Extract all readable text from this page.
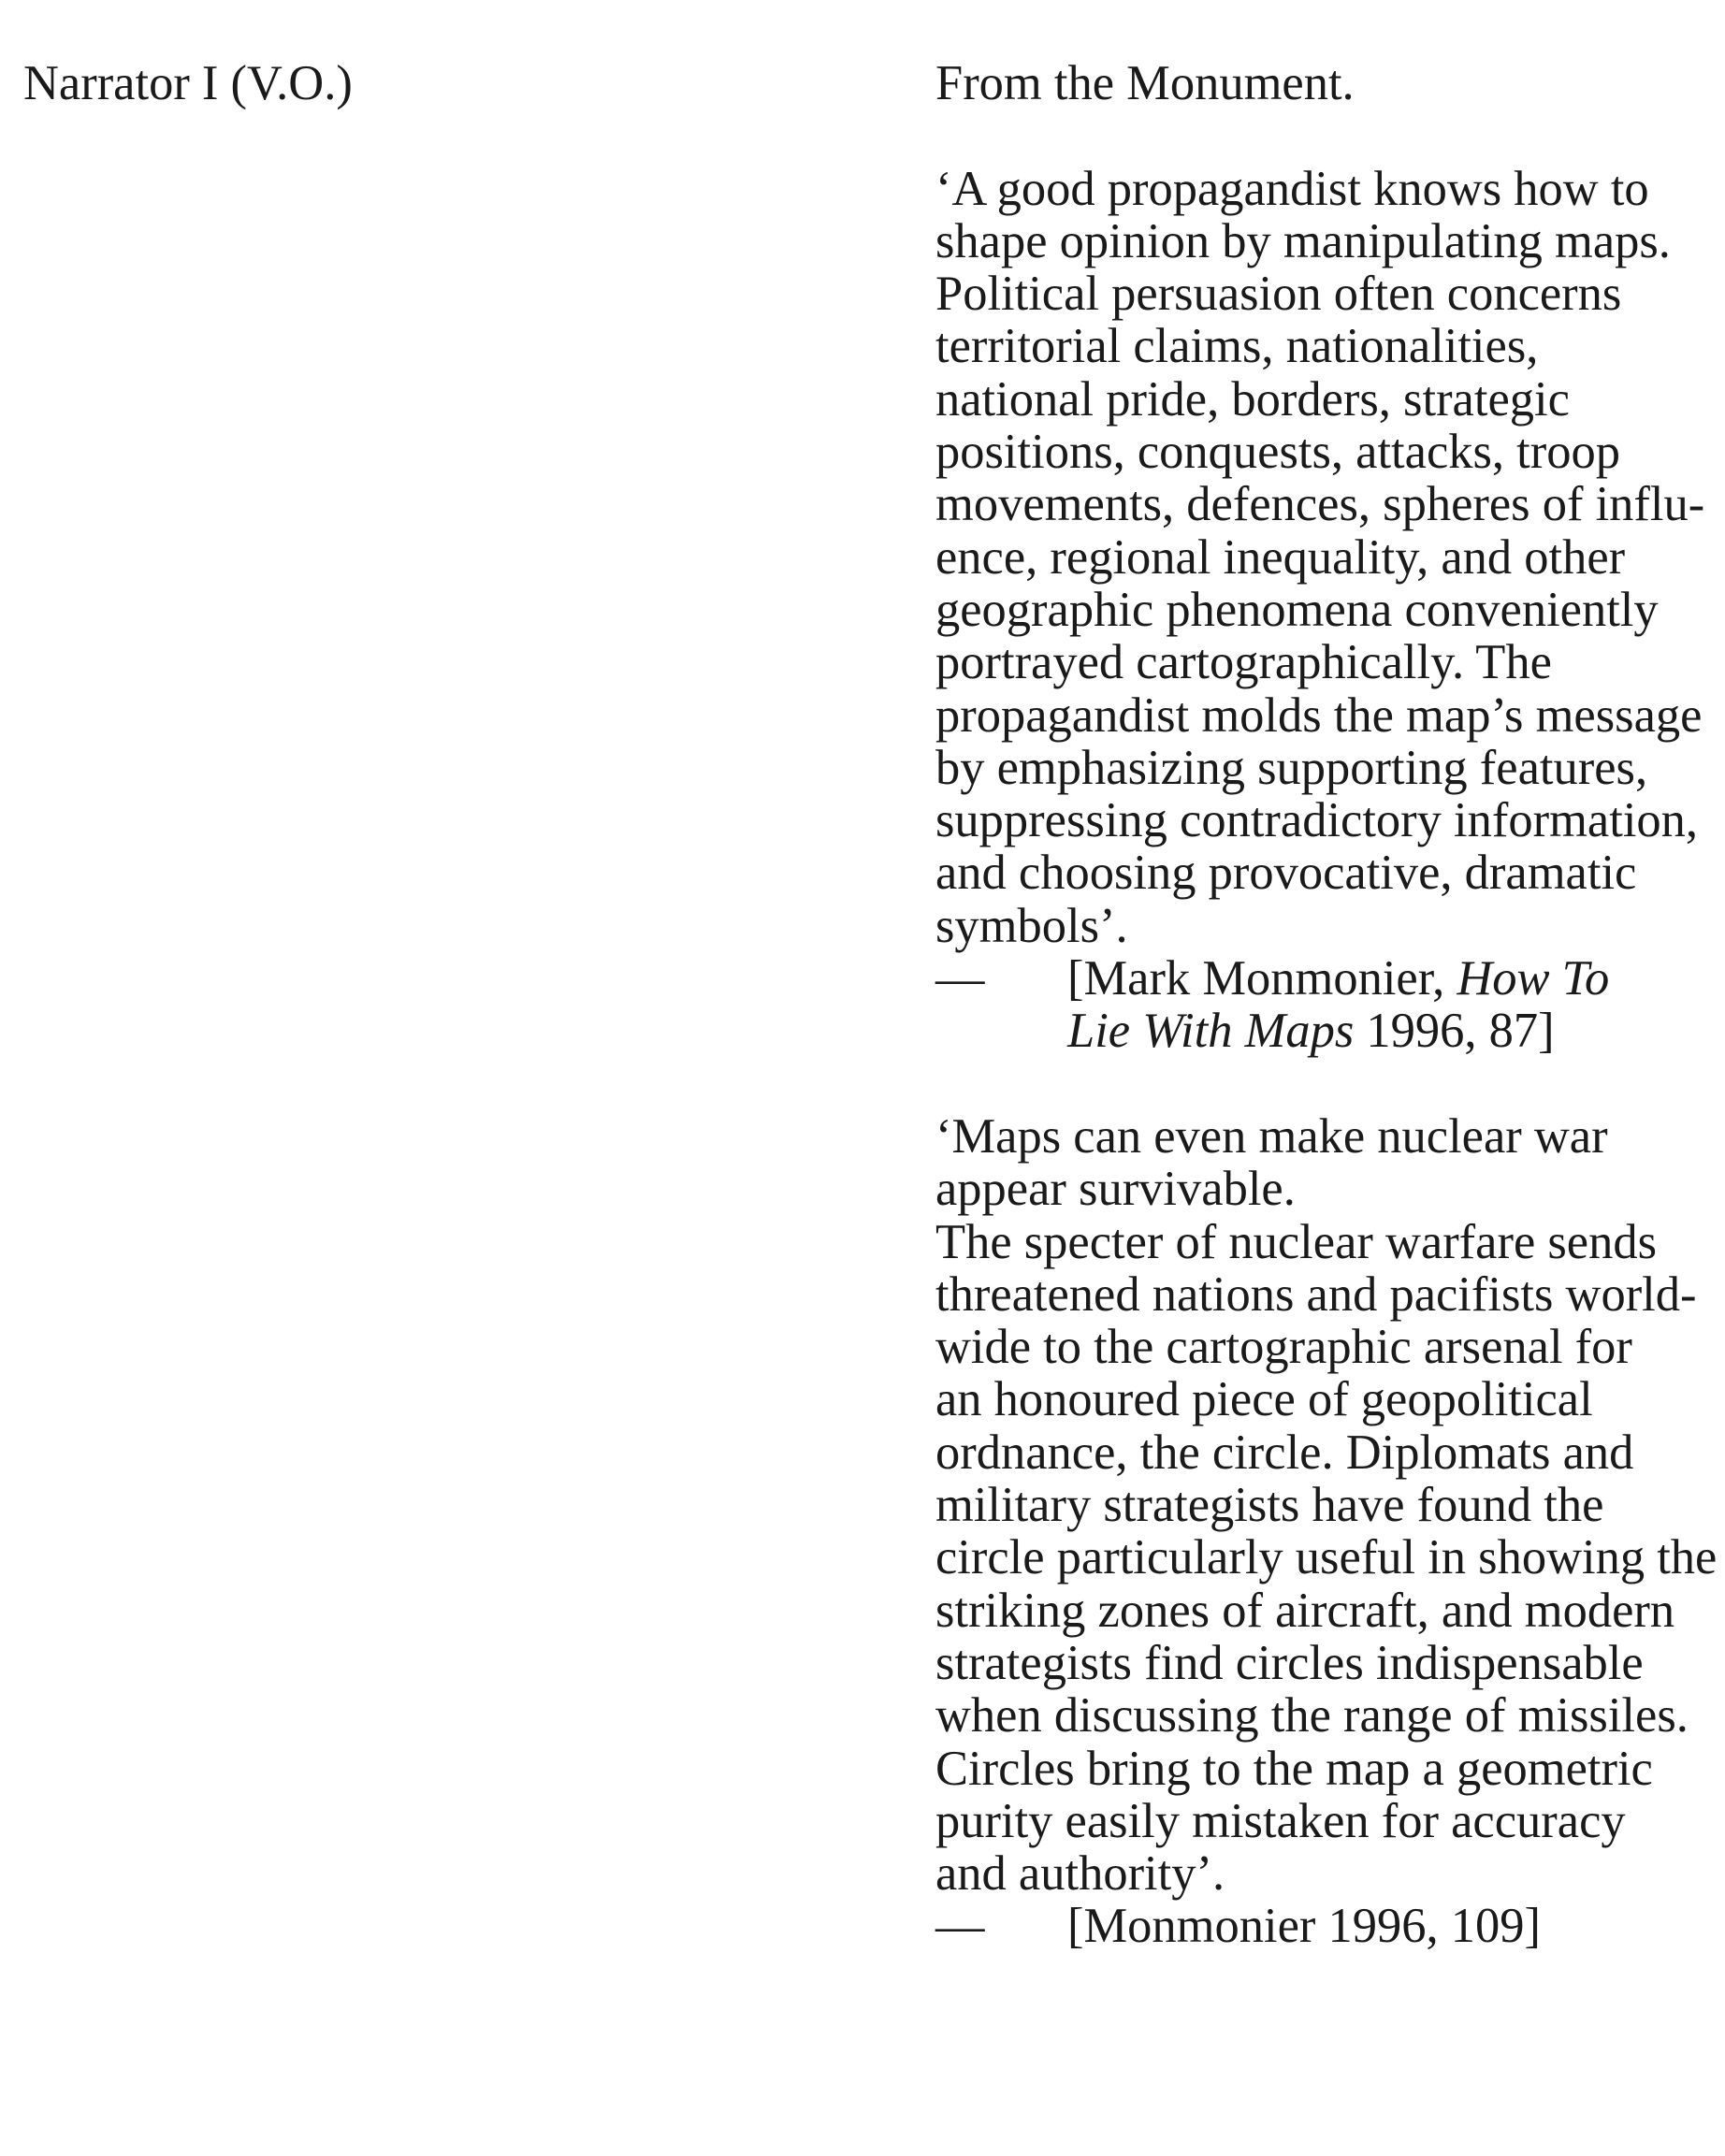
Narrator I (V.O.)	From the Monument.
‘A good propagandist knows how to
shape opinion by manipulating maps.
Political persuasion often concerns
territorial claims, nationalities,
national pride, borders, strategic
positions, conquests, attacks, troop
movements, defences, spheres of influ-
ence, regional inequality, and other
geographic phenomena conveniently
portrayed cartographically. The
propagandist molds the map’s message
by emphasizing supporting features,
suppressing contradictory information,
and choosing provocative, dramatic
symbols’.
— [Mark Monmonier, How To
Lie With Maps 1996, 87]
‘Maps can even make nuclear war
appear survivable.
The specter of nuclear warfare sends
threatened nations and pacifists world-
wide to the cartographic arsenal for
an honoured piece of geopolitical
ordnance, the circle. Diplomats and
military strategists have found the
circle particularly useful in showing the
striking zones of aircraft, and modern
strategists find circles indispensable
when discussing the range of missiles.
Circles bring to the map a geometric
purity easily mistaken for accuracy
and authority’.
— [Monmonier 1996, 109]
